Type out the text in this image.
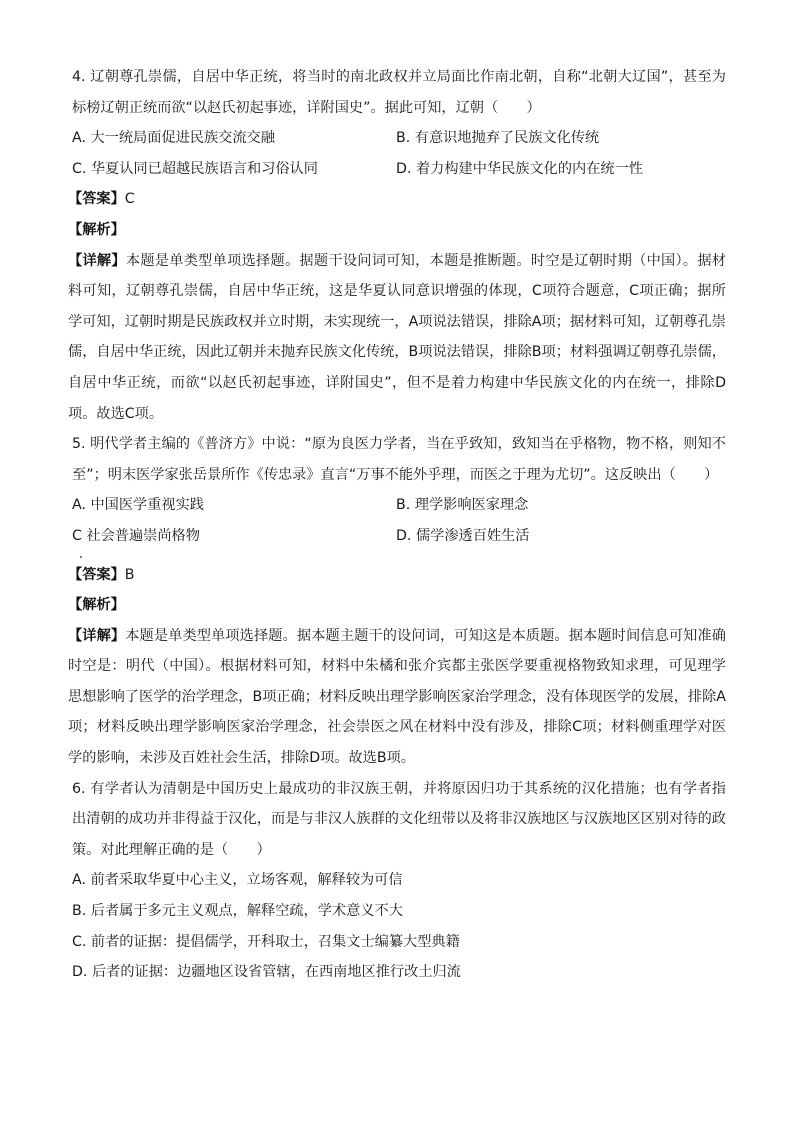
4. 辽朝尊孔崇儒，自居中华正统，将当时的南北政权并立局面比作南北朝，自称“北朝大辽国”，甚至为标榜辽朝正统而欲“以赵氏初起事迹，详附国史”。据此可知，辽朝（　　）

A. 大一统局面促进民族交流交融	B. 有意识地抛弃了民族文化传统
C. 华夏认同已超越民族语言和习俗认同	D. 着力构建中华民族文化的内在统一性

【答案】C

【解析】

【详解】本题是单类型单项选择题。据题干设问词可知，本题是推断题。时空是辽朝时期（中国）。据材料可知，辽朝尊孔崇儒，自居中华正统，这是华夏认同意识增强的体现，C项符合题意，C项正确；据所学可知，辽朝时期是民族政权并立时期，未实现统一，A项说法错误，排除A项；据材料可知，辽朝尊孔崇儒，自居中华正统，因此辽朝并未抛弃民族文化传统，B项说法错误，排除B项；材料强调辽朝尊孔崇儒，自居中华正统，而欲“以赵氏初起事迹，详附国史”，但不是着力构建中华民族文化的内在统一，排除D项。故选C项。

5. 明代学者主编的《普济方》中说：“原为良医力学者，当在乎致知，致知当在乎格物，物不格，则知不至”；明末医学家张岳景所作《传忠录》直言“万事不能外乎理，而医之于理为尤切”。这反映出（　　）

A. 中国医学重视实践	B. 理学影响医家理念
C 社会普遍崇尚格物	D. 儒学渗透百姓生活

【答案】B

【解析】

【详解】本题是单类型单项选择题。据本题主题干的设问词，可知这是本质题。据本题时间信息可知准确时空是：明代（中国）。根据材料可知，材料中朱橘和张介宾都主张医学要重视格物致知求理，可见理学思想影响了医学的治学理念，B项正确；材料反映出理学影响医家治学理念，没有体现医学的发展，排除A项；材料反映出理学影响医家治学理念，社会崇医之风在材料中没有涉及，排除C项；材料侧重理学对医学的影响，未涉及百姓社会生活，排除D项。故选B项。

6. 有学者认为清朝是中国历史上最成功的非汉族王朝，并将原因归功于其系统的汉化措施；也有学者指出清朝的成功并非得益于汉化，而是与非汉人族群的文化纽带以及将非汉族地区与汉族地区区别对待的政策。对此理解正确的是（　　）

A. 前者采取华夏中心主义，立场客观，解释较为可信
B. 后者属于多元主义观点，解释空疏，学术意义不大
C. 前者的证据：提倡儒学，开科取士，召集文士编纂大型典籍
D. 后者的证据：边疆地区设省管辖，在西南地区推行改土归流
